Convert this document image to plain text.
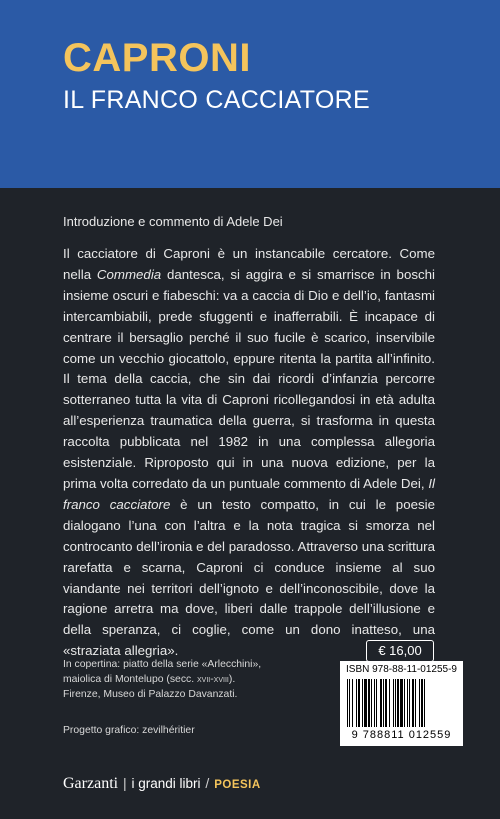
CAPRONI
IL FRANCO CACCIATORE
Introduzione e commento di Adele Dei

Il cacciatore di Caproni è un instancabile cercatore. Come nella Commedia dantesca, si aggira e si smarrisce in boschi insieme oscuri e fiabeschi: va a caccia di Dio e dell’io, fantasmi intercambiabili, prede sfuggenti e inafferrabili. È incapace di centrare il bersaglio perché il suo fucile è scarico, inservibile come un vecchio giocattolo, eppure ritenta la partita all’infinito. Il tema della caccia, che sin dai ricordi d’infanzia percorre sotterraneo tutta la vita di Caproni ricollegandosi in età adulta all’esperienza traumatica della guerra, si trasforma in questa raccolta pubblicata nel 1982 in una complessa allegoria esistenziale. Riproposto qui in una nuova edizione, per la prima volta corredato da un puntuale commento di Adele Dei, Il franco cacciatore è un testo compatto, in cui le poesie dialogano l’una con l’altra e la nota tragica si smorza nel controcanto dell’ironia e del paradosso. Attraverso una scrittura rarefatta e scarna, Caproni ci conduce insieme al suo viandante nei territori dell’ignoto e dell’inconoscibile, dove la ragione arretra ma dove, liberi dalle trappole dell’illusione e della speranza, ci coglie, come un dono inatteso, una «straziata allegria».

In copertina: piatto della serie «Arlecchini»,

maiolica di Montelupo (secc. xvii-xviii).

Firenze, Museo di Palazzo Davanzati.

€ 16,00
ISBN 978-88-11-01255-9
9 788811 012559
Progetto grafico: zevilhéritier
Garzanti | i grandi libri / POESIA
